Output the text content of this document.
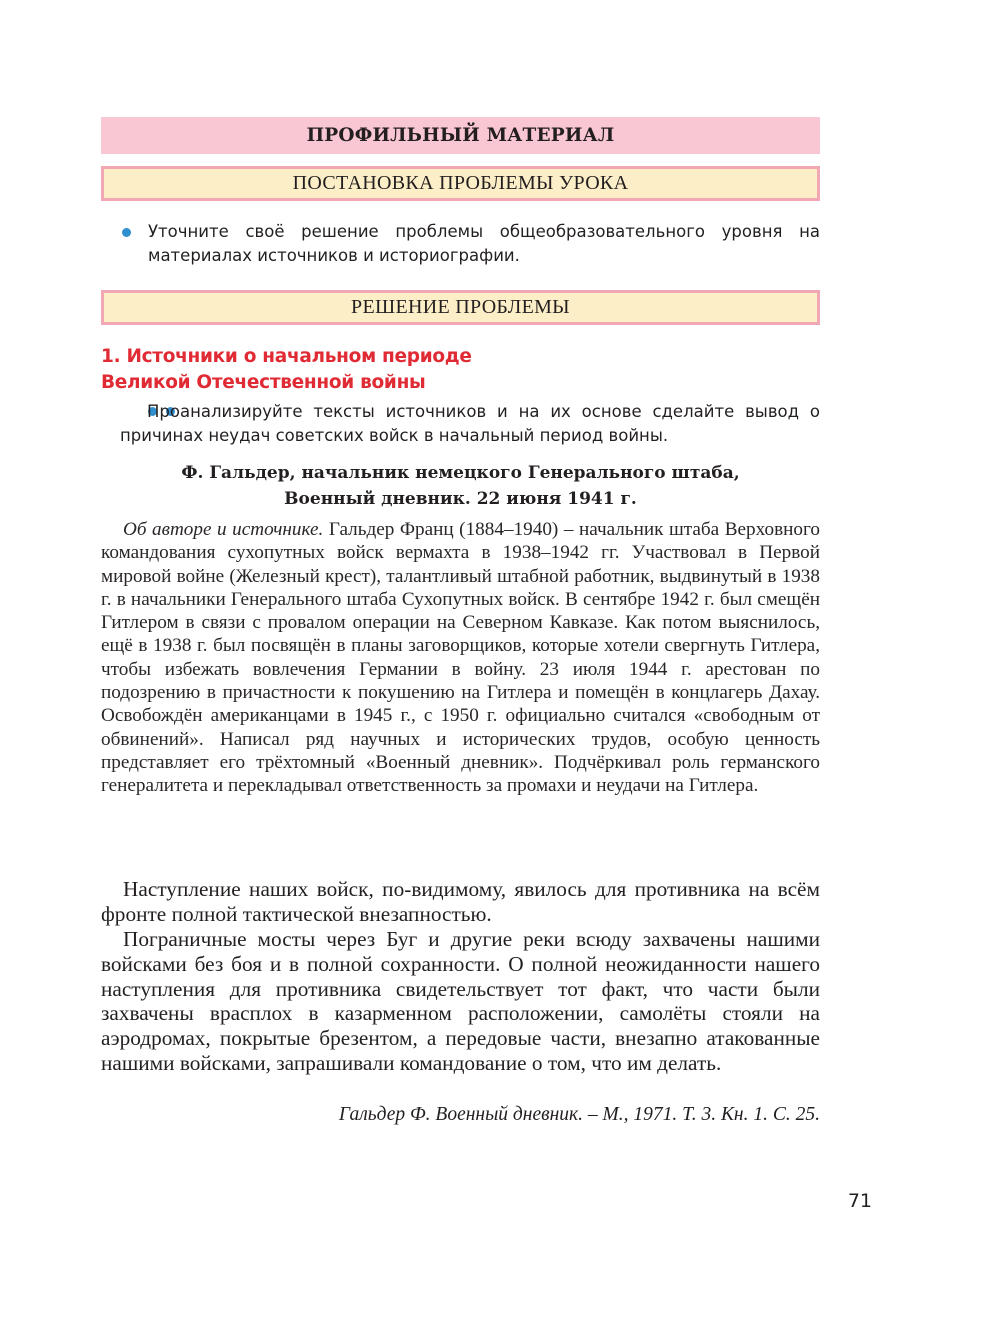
ПРОФИЛЬНЫЙ МАТЕРИАЛ
ПОСТАНОВКА ПРОБЛЕМЫ УРОКА
Уточните своё решение проблемы общеобразовательного уровня на материалах источников и историографии.
РЕШЕНИЕ ПРОБЛЕМЫ
1. Источники о начальном периоде
Великой Отечественной войны
Проанализируйте тексты источников и на их основе сделайте вывод о причинах неудач советских войск в начальный период войны.
Ф. Гальдер, начальник немецкого Генерального штаба,
Военный дневник. 22 июня 1941 г.
Об авторе и источнике. Гальдер Франц (1884–1940) – начальник штаба Верховного командования сухопутных войск вермахта в 1938–1942 гг. Участвовал в Первой мировой войне (Железный крест), талантливый штабной работник, выдвинутый в 1938 г. в начальники Генерального штаба Сухопутных войск. В сентябре 1942 г. был смещён Гитлером в связи с провалом операции на Северном Кавказе. Как потом выяснилось, ещё в 1938 г. был посвящён в планы заговорщиков, которые хотели свергнуть Гитлера, чтобы избежать вовлечения Германии в войну. 23 июля 1944 г. арестован по подозрению в причастности к покушению на Гитлера и помещён в концлагерь Дахау. Освобождён американцами в 1945 г., с 1950 г. официально считался «свободным от обвинений». Написал ряд научных и исторических трудов, особую ценность представляет его трёхтомный «Военный дневник». Подчёркивал роль германского генералитета и перекладывал ответственность за промахи и неудачи на Гитлера.
Наступление наших войск, по-видимому, явилось для противника на всём фронте полной тактической внезапностью.
Пограничные мосты через Буг и другие реки всюду захвачены нашими войсками без боя и в полной сохранности. О полной неожиданности нашего наступления для противника свидетельствует тот факт, что части были захвачены врасплох в казарменном расположении, самолёты стояли на аэродромах, покрытые брезентом, а передовые части, внезапно атакованные нашими войсками, запрашивали командование о том, что им делать.
Гальдер Ф. Военный дневник. – М., 1971. Т. 3. Кн. 1. С. 25.
71
